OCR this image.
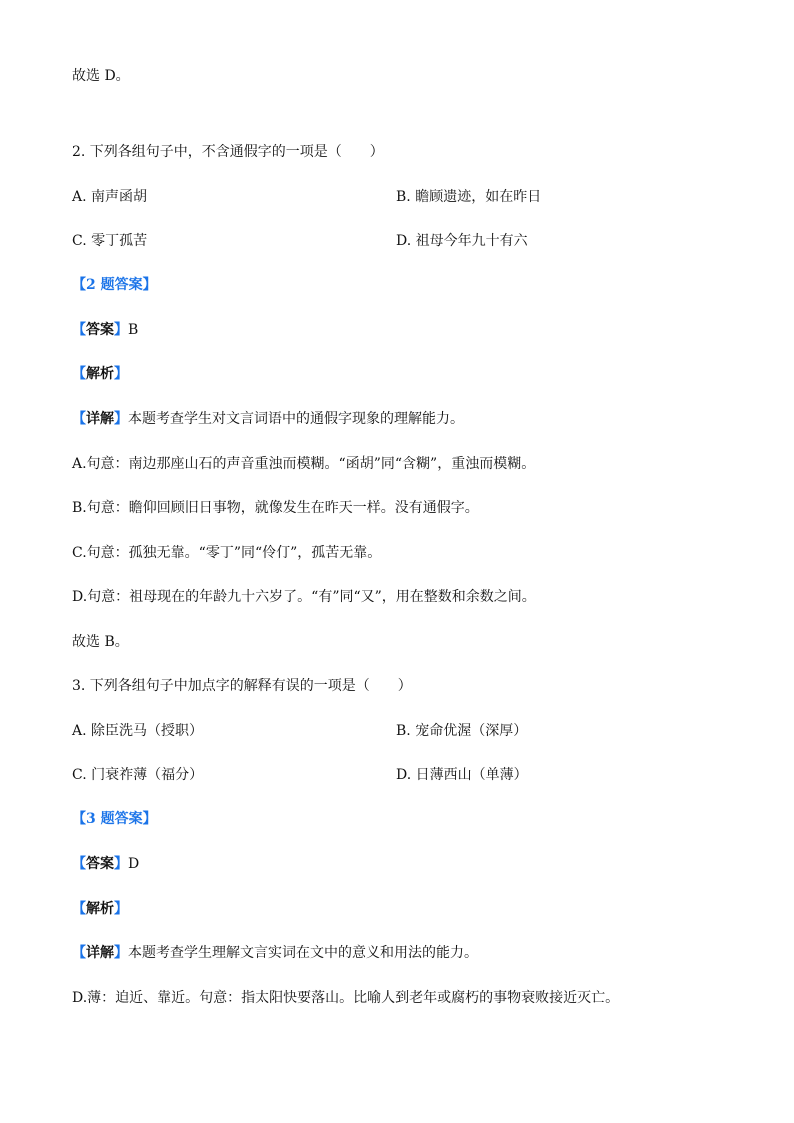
故选 D。
2. 下列各组句子中，不含通假字的一项是（　　）
A. 南声函胡	B. 瞻顾遗迹，如在昨日
C. 零丁孤苦	D. 祖母今年九十有六
【2 题答案】
【答案】B
【解析】
【详解】本题考查学生对文言词语中的通假字现象的理解能力。
A.句意：南边那座山石的声音重浊而模糊。“函胡”同“含糊”，重浊而模糊。
B.句意：瞻仰回顾旧日事物，就像发生在昨天一样。没有通假字。
C.句意：孤独无靠。“零丁”同“伶仃”，孤苦无靠。
D.句意：祖母现在的年龄九十六岁了。“有”同“又”，用在整数和余数之间。
故选 B。
3. 下列各组句子中加点字的解释有误的一项是（　　）
A. 除臣洗马（授职）	B. 宠命优渥（深厚）
C. 门衰祚薄（福分）	D. 日薄西山（单薄）
【3 题答案】
【答案】D
【解析】
【详解】本题考查学生理解文言实词在文中的意义和用法的能力。
D.薄：迫近、靠近。句意：指太阳快要落山。比喻人到老年或腐朽的事物衰败接近灭亡。
